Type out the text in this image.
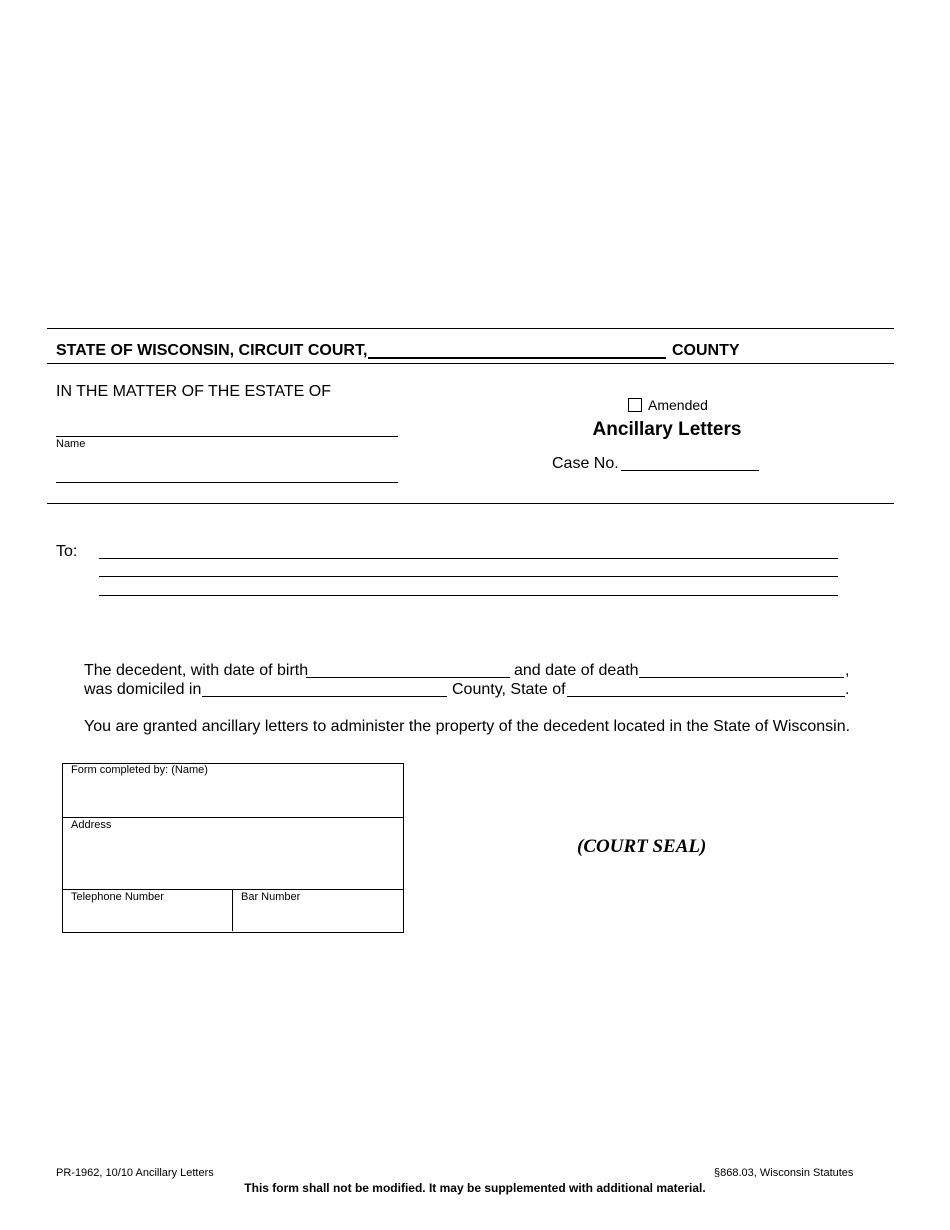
STATE OF WISCONSIN, CIRCUIT COURT,	COUNTY
IN THE MATTER OF THE ESTATE OF
Name
Amended
Ancillary Letters
Case No.
To:
The decedent, with date of birth	and date of death	,
was domiciled in	County, State of	.
You are granted ancillary letters to administer the property of the decedent located in the State of Wisconsin.
Form completed by: (Name)
Address
Telephone Number	Bar Number
(COURT SEAL)
PR-1962, 10/10 Ancillary Letters	§868.03, Wisconsin Statutes
This form shall not be modified. It may be supplemented with additional material.
